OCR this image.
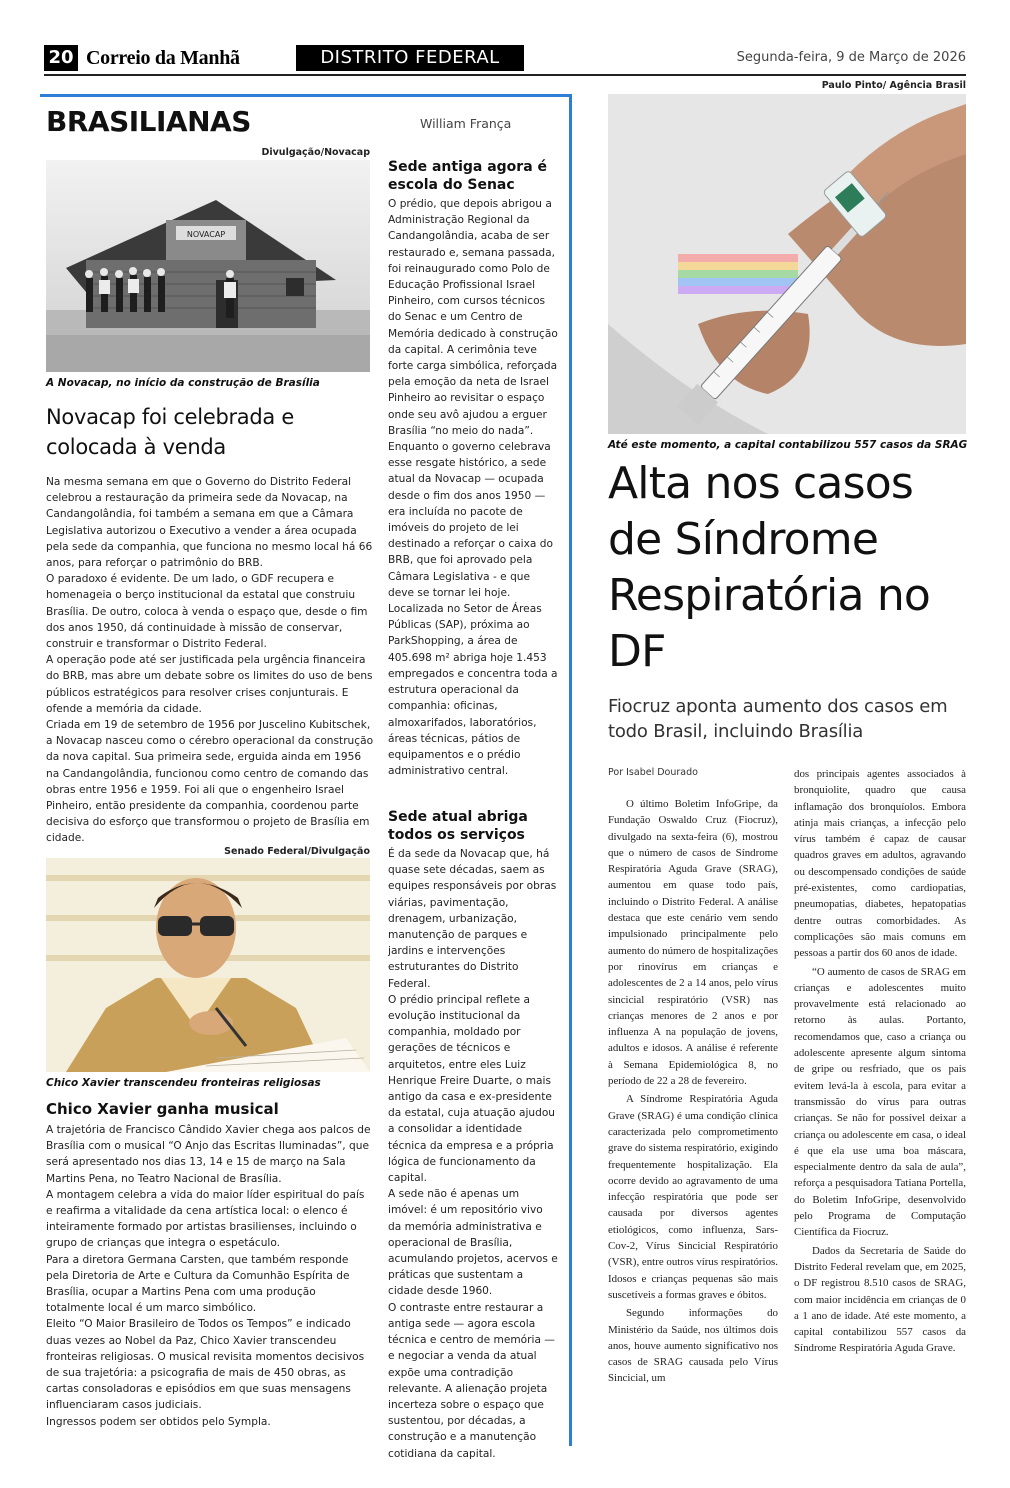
20 Correio da Manhã	DISTRITO FEDERAL	Segunda-feira, 9 de Março de 2026
BRASILIANAS	William França
Divulgação/Novacap
NOVACAP
A Novacap, no início da construção de Brasília
Novacap foi celebrada e colocada à venda

Na mesma semana em que o Governo do Distrito Federal celebrou a restauração da primeira sede da Novacap, na Candangolândia, foi também a semana em que a Câmara Legislativa autorizou o Executivo a vender a área ocupada pela sede da companhia, que funciona no mesmo local há 66 anos, para reforçar o patrimônio do BRB.

O paradoxo é evidente. De um lado, o GDF recupera e homenageia o berço institucional da estatal que construiu Brasília. De outro, coloca à venda o espaço que, desde o fim dos anos 1950, dá continuidade à missão de conservar, construir e transformar o Distrito Federal.

A operação pode até ser justificada pela urgência financeira do BRB, mas abre um debate sobre os limites do uso de bens públicos estratégicos para resolver crises conjunturais. E ofende a memória da cidade.

Criada em 19 de setembro de 1956 por Juscelino Kubitschek, a Novacap nasceu como o cérebro operacional da construção da nova capital. Sua primeira sede, erguida ainda em 1956 na Candangolândia, funcionou como centro de comando das obras entre 1956 e 1959. Foi ali que o engenheiro Israel Pinheiro, então presidente da companhia, coordenou parte decisiva do esforço que transformou o projeto de Brasília em cidade.

Senado Federal/Divulgação
Chico Xavier transcendeu fronteiras religiosas
Chico Xavier ganha musical

A trajetória de Francisco Cândido Xavier chega aos palcos de Brasília com o musical “O Anjo das Escritas Iluminadas”, que será apresentado nos dias 13, 14 e 15 de março na Sala Martins Pena, no Teatro Nacional de Brasília.

A montagem celebra a vida do maior líder espiritual do país e reafirma a vitalidade da cena artística local: o elenco é inteiramente formado por artistas brasilienses, incluindo o grupo de crianças que integra o espetáculo.

Para a diretora Germana Carsten, que também responde pela Diretoria de Arte e Cultura da Comunhão Espírita de Brasília, ocupar a Martins Pena com uma produção totalmente local é um marco simbólico.

Eleito “O Maior Brasileiro de Todos os Tempos” e indicado duas vezes ao Nobel da Paz, Chico Xavier transcendeu fronteiras religiosas. O musical revisita momentos decisivos de sua trajetória: a psicografia de mais de 450 obras, as cartas consoladoras e episódios em que suas mensagens influenciaram casos judiciais.

Ingressos podem ser obtidos pelo Sympla.

Sede antiga agora é escola do Senac

O prédio, que depois abrigou a Administração Regional da Candangolândia, acaba de ser restaurado e, semana passada, foi reinaugurado como Polo de Educação Profissional Israel Pinheiro, com cursos técnicos do Senac e um Centro de Memória dedicado à construção da capital. A cerimônia teve forte carga simbólica, reforçada pela emoção da neta de Israel Pinheiro ao revisitar o espaço onde seu avô ajudou a erguer Brasília “no meio do nada”.

Enquanto o governo celebrava esse resgate histórico, a sede atual da Novacap — ocupada desde o fim dos anos 1950 — era incluída no pacote de imóveis do projeto de lei destinado a reforçar o caixa do BRB, que foi aprovado pela Câmara Legislativa - e que deve se tornar lei hoje.

Localizada no Setor de Áreas Públicas (SAP), próxima ao ParkShopping, a área de 405.698 m² abriga hoje 1.453 empregados e concentra toda a estrutura operacional da companhia: oficinas, almoxarifados, laboratórios, áreas técnicas, pátios de equipamentos e o prédio administrativo central.

Sede atual abriga todos os serviços

É da sede da Novacap que, há quase sete décadas, saem as equipes responsáveis por obras viárias, pavimentação, drenagem, urbanização, manutenção de parques e jardins e intervenções estruturantes do Distrito Federal.

O prédio principal reflete a evolução institucional da companhia, moldado por gerações de técnicos e arquitetos, entre eles Luiz Henrique Freire Duarte, o mais antigo da casa e ex-presidente da estatal, cuja atuação ajudou a consolidar a identidade técnica da empresa e a própria lógica de funcionamento da capital.

A sede não é apenas um imóvel: é um repositório vivo da memória administrativa e operacional de Brasília, acumulando projetos, acervos e práticas que sustentam a cidade desde 1960.

O contraste entre restaurar a antiga sede — agora escola técnica e centro de memória — e negociar a venda da atual expõe uma contradição relevante. A alienação projeta incerteza sobre o espaço que sustentou, por décadas, a construção e a manutenção cotidiana da capital.

Paulo Pinto/ Agência Brasil
Até este momento, a capital contabilizou 557 casos da SRAG
Alta nos casos de Síndrome Respiratória no DF
Fiocruz aponta aumento dos casos em todo Brasil, incluindo Brasília
Por Isabel Dourado

O último Boletim InfoGripe, da Fundação Oswaldo Cruz (Fiocruz), divulgado na sexta-feira (6), mostrou que o número de casos de Síndrome Respiratória Aguda Grave (SRAG), aumentou em quase todo país, incluindo o Distrito Federal. A análise destaca que este cenário vem sendo impulsionado principalmente pelo aumento do número de hospitalizações por rinovírus em crianças e adolescentes de 2 a 14 anos, pelo vírus sincicial respiratório (VSR) nas crianças menores de 2 anos e por influenza A na população de jovens, adultos e idosos. A análise é referente à Semana Epidemiológica 8, no período de 22 a 28 de fevereiro.

A Síndrome Respiratória Aguda Grave (SRAG) é uma condição clínica caracterizada pelo comprometimento grave do sistema respiratório, exigindo frequentemente hospitalização. Ela ocorre devido ao agravamento de uma infecção respiratória que pode ser causada por diversos agentes etiológicos, como influenza, Sars-Cov-2, Vírus Sincicial Respiratório (VSR), entre outros vírus respiratórios. Idosos e crianças pequenas são mais suscetíveis a formas graves e óbitos.

Segundo informações do Ministério da Saúde, nos últimos dois anos, houve aumento significativo nos casos de SRAG causada pelo Vírus Sincicial, um

dos principais agentes associados à bronquiolite, quadro que causa inflamação dos bronquíolos. Embora atinja mais crianças, a infecção pelo vírus também é capaz de causar quadros graves em adultos, agravando ou descompensado condições de saúde pré-existentes, como cardiopatias, pneumopatias, diabetes, hepatopatias dentre outras comorbidades. As complicações são mais comuns em pessoas a partir dos 60 anos de idade.

“O aumento de casos de SRAG em crianças e adolescentes muito provavelmente está relacionado ao retorno às aulas. Portanto, recomendamos que, caso a criança ou adolescente apresente algum sintoma de gripe ou resfriado, que os pais evitem levá-la à escola, para evitar a transmissão do vírus para outras crianças. Se não for possível deixar a criança ou adolescente em casa, o ideal é que ela use uma boa máscara, especialmente dentro da sala de aula”, reforça a pesquisadora Tatiana Portella, do Boletim InfoGripe, desenvolvido pelo Programa de Computação Científica da Fiocruz.

Dados da Secretaria de Saúde do Distrito Federal revelam que, em 2025, o DF registrou 8.510 casos de SRAG, com maior incidência em crianças de 0 a 1 ano de idade. Até este momento, a capital contabilizou 557 casos da Síndrome Respiratória Aguda Grave.
